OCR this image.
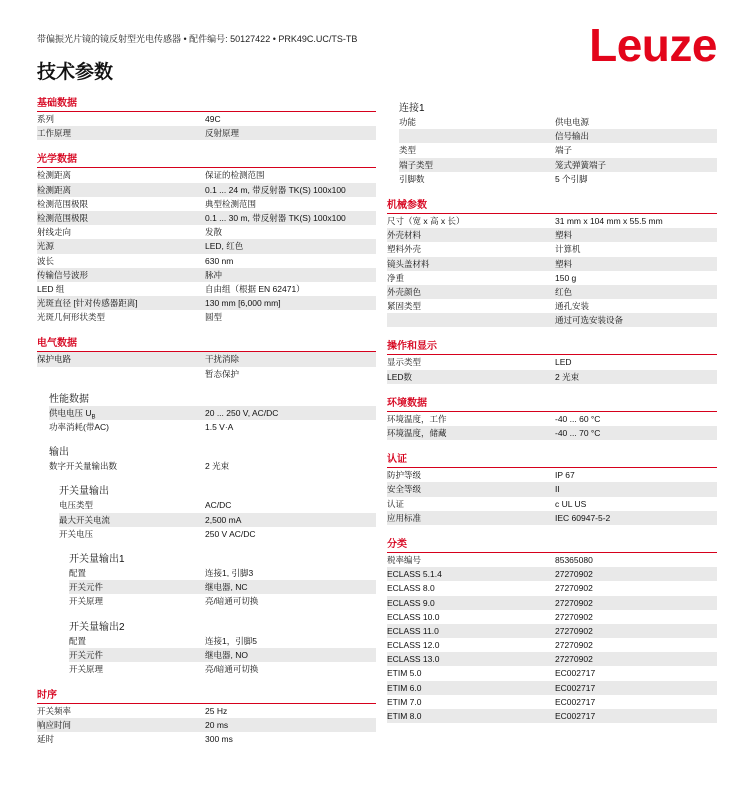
带偏振光片镜的镜反射型光电传感器 • 配件编号: 50127422 • PRK49C.UC/TS-TB
技术参数
Leuze
基础数据
系列	49C
工作原理	反射原理
光学数据
检测距离	保证的检测范围
检测距离	0.1 ... 24 m, 带反射器 TK(S) 100x100
检测范围极限	典型检测范围
检测范围极限	0.1 ... 30 m, 带反射器 TK(S) 100x100
射线走向	发散
光源	LED, 红色
波长	630 nm
传输信号波形	脉冲
LED 组	自由组（根据 EN 62471）
光斑直径 [针对传感器距离]	130 mm [6,000 mm]
光斑几何形状类型	圆型
电气数据
保护电路	干扰消除
暂态保护
性能数据
供电电压 $U_B$	20 ... 250 V, AC/DC
功率消耗(带AC)	1.5 V·A
输出
数字开关量输出数	2 光束
开关量输出
电压类型	AC/DC
最大开关电流	2,500 mA
开关电压	250 V AC/DC
开关量输出1
配置	连接1, 引脚3
开关元件	继电器, NC
开关原理	亮/暗通可切换
开关量输出2
配置	连接1，引脚5
开关元件	继电器, NO
开关原理	亮/暗通可切换
时序
开关频率	25 Hz
响应时间	20 ms
延时	300 ms
连接1
功能	供电电源
信号输出
类型	端子
端子类型	笼式弹簧端子
引脚数	5 个引脚
机械参数
尺寸（宽 x 高 x 长）	31 mm x 104 mm x 55.5 mm
外壳材料	塑料
塑料外壳	计算机
镜头盖材料	塑料
净重	150 g
外壳颜色	红色
紧固类型	通孔安装
通过可选安装设备
操作和显示
显示类型	LED
LED数	2 光束
环境数据
环境温度，工作	-40 ... 60 °C
环境温度，储藏	-40 ... 70 °C
认证
防护等级	IP 67
安全等级	II
认证	c UL US
应用标准	IEC 60947-5-2
分类
税率编号	85365080
ECLASS 5.1.4	27270902
ECLASS 8.0	27270902
ECLASS 9.0	27270902
ECLASS 10.0	27270902
ECLASS 11.0	27270902
ECLASS 12.0	27270902
ECLASS 13.0	27270902
ETIM 5.0	EC002717
ETIM 6.0	EC002717
ETIM 7.0	EC002717
ETIM 8.0	EC002717
